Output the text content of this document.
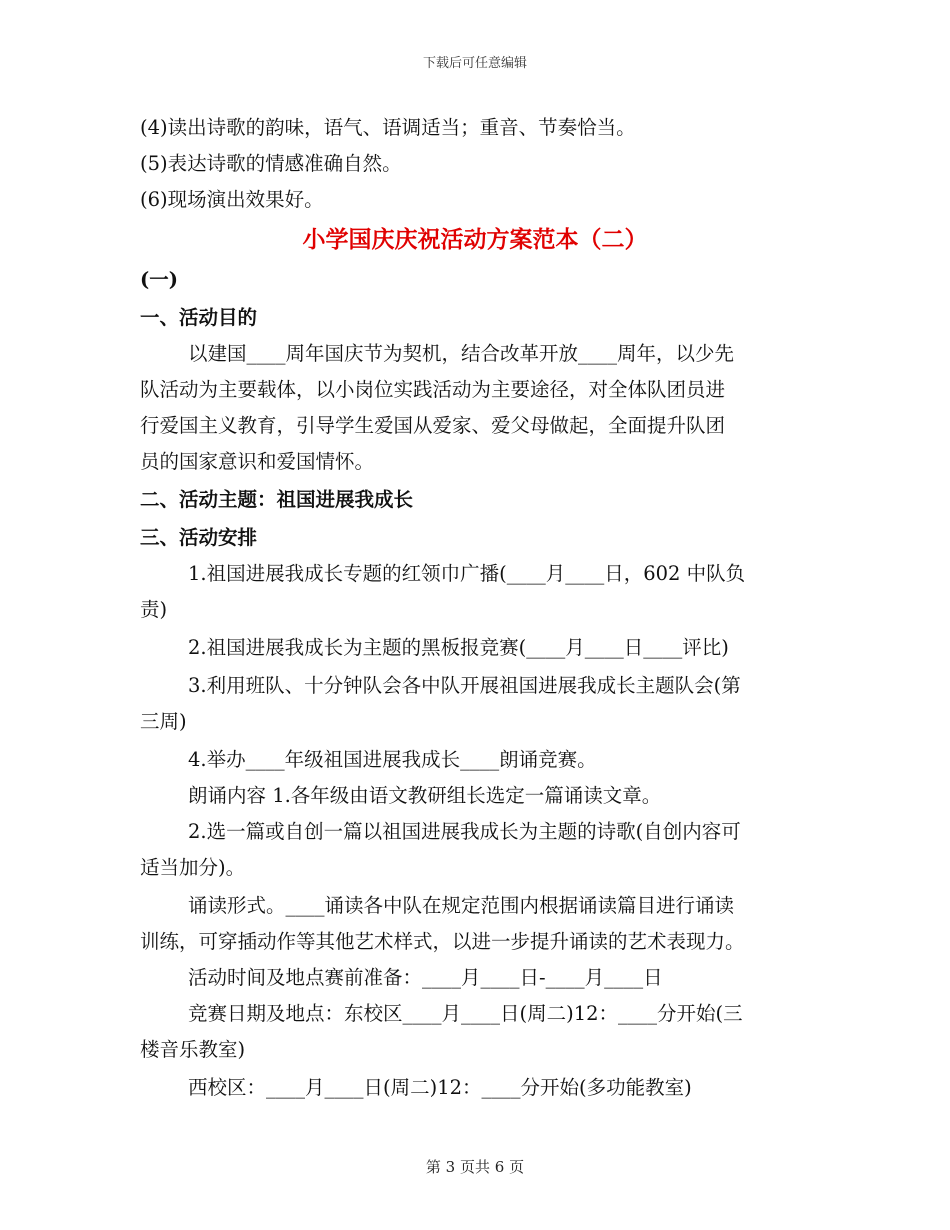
下载后可任意编辑
(4)读出诗歌的韵味，语气、语调适当；重音、节奏恰当。
(5)表达诗歌的情感准确自然。
(6)现场演出效果好。
小学国庆庆祝活动方案范本（二）
(一)
一、活动目的
以建国____周年国庆节为契机，结合改革开放____周年，以少先
队活动为主要载体，以小岗位实践活动为主要途径，对全体队团员进
行爱国主义教育，引导学生爱国从爱家、爱父母做起，全面提升队团
员的国家意识和爱国情怀。
二、活动主题：祖国进展我成长
三、活动安排
1.祖国进展我成长专题的红领巾广播(____月____日，602 中队负
责)
2.祖国进展我成长为主题的黑板报竞赛(____月____日____评比)
3.利用班队、十分钟队会各中队开展祖国进展我成长主题队会(第
三周)
4.举办____年级祖国进展我成长____朗诵竞赛。
朗诵内容 1.各年级由语文教研组长选定一篇诵读文章。
2.选一篇或自创一篇以祖国进展我成长为主题的诗歌(自创内容可
适当加分)。
诵读形式。____诵读各中队在规定范围内根据诵读篇目进行诵读
训练，可穿插动作等其他艺术样式，以进一步提升诵读的艺术表现力。
活动时间及地点赛前准备：____月____日-____月____日
竞赛日期及地点：东校区____月____日(周二)12：____分开始(三
楼音乐教室)
西校区：____月____日(周二)12：____分开始(多功能教室)
第 3 页共 6 页
